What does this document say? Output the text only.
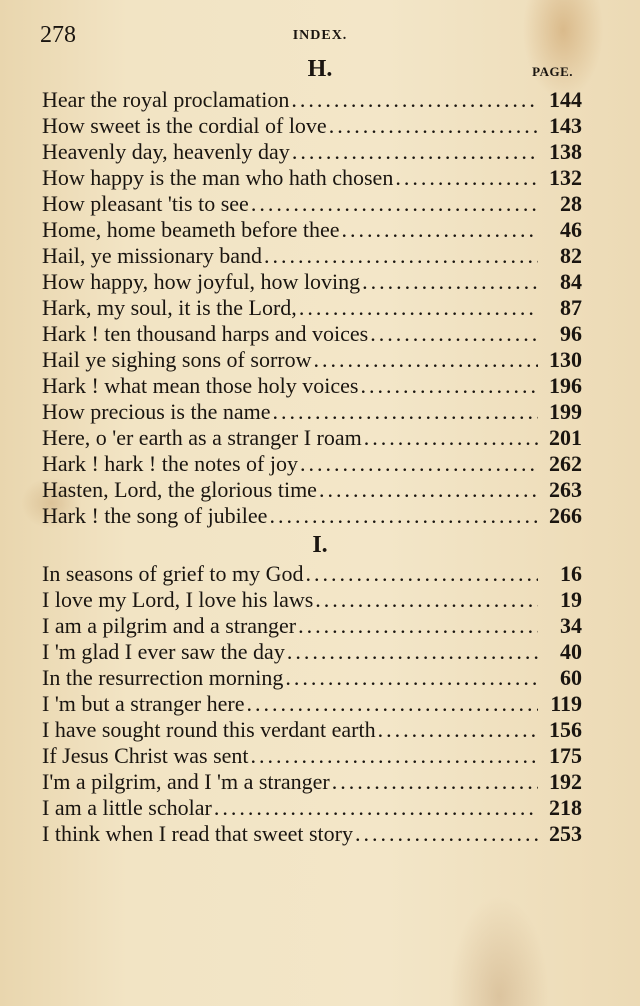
278	INDEX.
H.	PAGE.
Hear the royal proclamation .....	144
How sweet is the cordial of love .....	143
Heavenly day, heavenly day .....	138
How happy is the man who hath chosen .....	132
How pleasant 'tis to see .....	28
Home, home beameth before thee .....	46
Hail, ye missionary band .....	82
How happy, how joyful, how loving .....	84
Hark, my soul, it is the Lord, .....	87
Hark ! ten thousand harps and voices .....	96
Hail ye sighing sons of sorrow .....	130
Hark ! what mean those holy voices .....	196
How precious is the name .....	199
Here, o 'er earth as a stranger I roam .....	201
Hark ! hark ! the notes of joy .....	262
Hasten, Lord, the glorious time .....	263
Hark ! the song of jubilee .....	266
I.
In seasons of grief to my God .....	16
I love my Lord, I love his laws .....	19
I am a pilgrim and a stranger .....	34
I 'm glad I ever saw the day .....	40
In the resurrection morning .....	60
I 'm but a stranger here .....	119
I have sought round this verdant earth .....	156
If Jesus Christ was sent .....	175
I'm a pilgrim, and I 'm a stranger .....	192
I am a little scholar .....	218
I think when I read that sweet story .....	253
